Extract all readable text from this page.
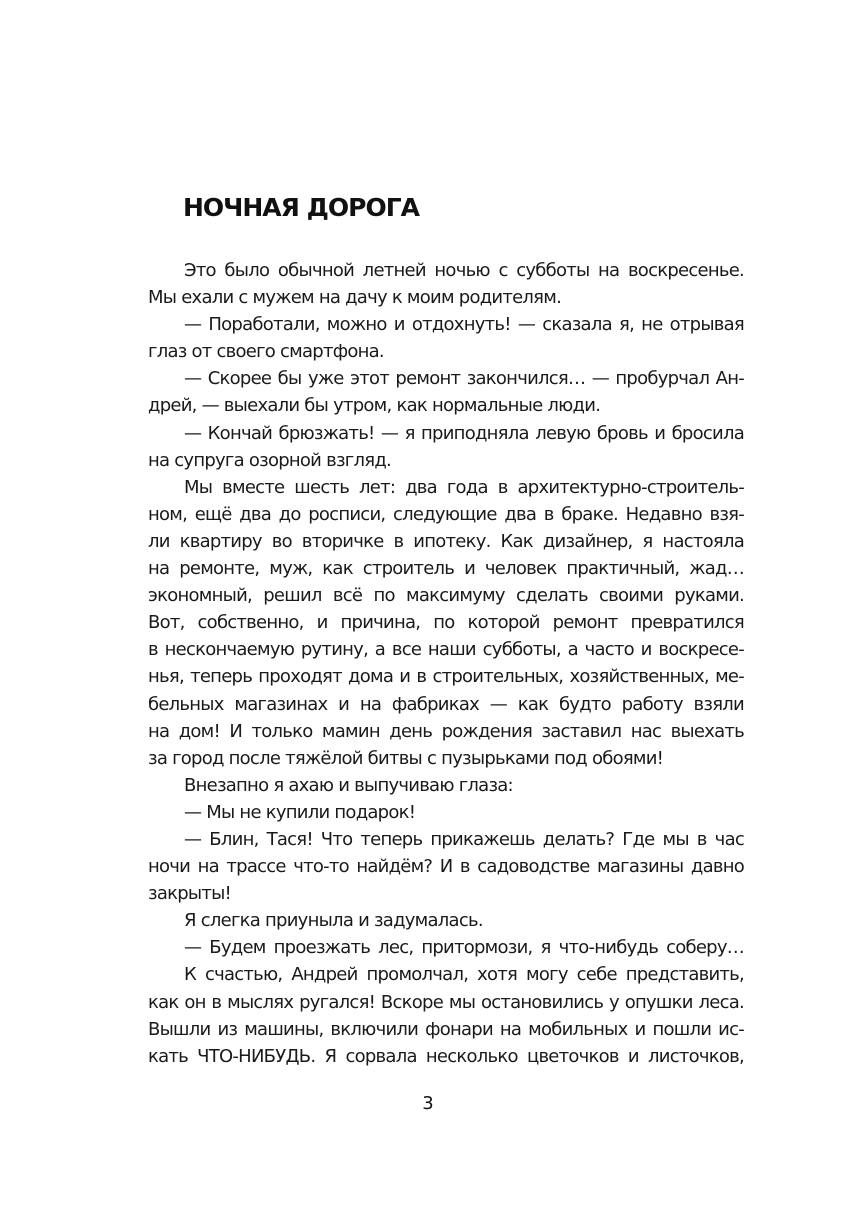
НОЧНАЯ ДОРОГА
Это было обычной летней ночью с субботы на воскресенье.
Мы ехали с мужем на дачу к моим родителям.
— Поработали, можно и отдохнуть! — сказала я, не отрывая
глаз от своего смартфона.
— Скорее бы уже этот ремонт закончился… — пробурчал Ан-
дрей, — выехали бы утром, как нормальные люди.
— Кончай брюзжать! — я приподняла левую бровь и бросила
на супруга озорной взгляд.
Мы вместе шесть лет: два года в архитектурно-строитель-
ном, ещё два до росписи, следующие два в браке. Недавно взя-
ли квартиру во вторичке в ипотеку. Как дизайнер, я настояла
на ремонте, муж, как строитель и человек практичный, жад…
экономный, решил всё по максимуму сделать своими руками.
Вот, собственно, и причина, по которой ремонт превратился
в нескончаемую рутину, а все наши субботы, а часто и воскресе-
нья, теперь проходят дома и в строительных, хозяйственных, ме-
бельных магазинах и на фабриках — как будто работу взяли
на дом! И только мамин день рождения заставил нас выехать
за город после тяжёлой битвы с пузырьками под обоями!
Внезапно я ахаю и выпучиваю глаза:
— Мы не купили подарок!
— Блин, Тася! Что теперь прикажешь делать? Где мы в час
ночи на трассе что-то найдём? И в садоводстве магазины давно
закрыты!
Я слегка приуныла и задумалась.
— Будем проезжать лес, притормози, я что-нибудь соберу…
К счастью, Андрей промолчал, хотя могу себе представить,
как он в мыслях ругался! Вскоре мы остановились у опушки леса.
Вышли из машины, включили фонари на мобильных и пошли ис-
кать ЧТО-НИБУДЬ. Я сорвала несколько цветочков и листочков,
3
